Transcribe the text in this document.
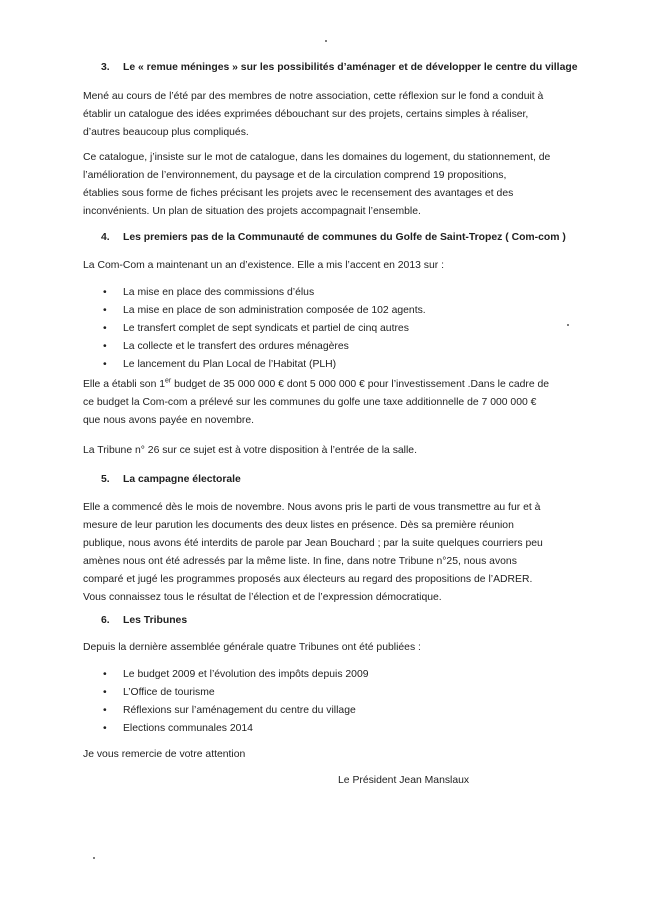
3. Le « remue méninges » sur les possibilités d’aménager et de développer le centre du village
Mené au cours de l’été par des membres de notre association, cette réflexion sur le fond a conduit à
établir un catalogue des idées exprimées débouchant sur des projets, certains simples à réaliser,
d’autres beaucoup plus compliqués.
Ce catalogue, j’insiste sur le mot de catalogue, dans les domaines du logement, du stationnement, de
l’amélioration de l’environnement, du paysage et de la circulation comprend 19 propositions,
établies sous forme de fiches précisant les projets avec le recensement des avantages et des
inconvénients. Un plan de situation des projets accompagnait l’ensemble.
4. Les premiers pas de la Communauté de communes du Golfe de Saint-Tropez ( Com-com )
La Com-Com a maintenant un an d’existence. Elle a mis l’accent en 2013 sur :
• La mise en place des commissions d’élus
• La mise en place de son administration composée de 102 agents.
• Le transfert complet de sept syndicats et partiel de cinq autres
• La collecte et le transfert des ordures ménagères
• Le lancement du Plan Local de l’Habitat (PLH)
Elle a établi son 1er budget de 35 000 000 € dont 5 000 000 € pour l’investissement .Dans le cadre de
ce budget la Com-com a prélevé sur les communes du golfe une taxe additionnelle de 7 000 000 €
que nous avons payée en novembre.
La Tribune n° 26 sur ce sujet est à votre disposition à l’entrée de la salle.
5. La campagne électorale
Elle a commencé dès le mois de novembre. Nous avons pris le parti de vous transmettre au fur et à
mesure de leur parution les documents des deux listes en présence. Dès sa première réunion
publique, nous avons été interdits de parole par Jean Bouchard ; par la suite quelques courriers peu
amènes nous ont été adressés par la même liste. In fine, dans notre Tribune n°25, nous avons
comparé et jugé les programmes proposés aux électeurs au regard des propositions de l’ADRER.
Vous connaissez tous le résultat de l’élection et de l’expression démocratique.
6. Les Tribunes
Depuis la dernière assemblée générale quatre Tribunes ont été publiées :
• Le budget 2009 et l’évolution des impôts depuis 2009
• L’Office de tourisme
• Réflexions sur l’aménagement du centre du village
• Elections communales 2014
Je vous remercie de votre attention
Le Président Jean Manslaux
